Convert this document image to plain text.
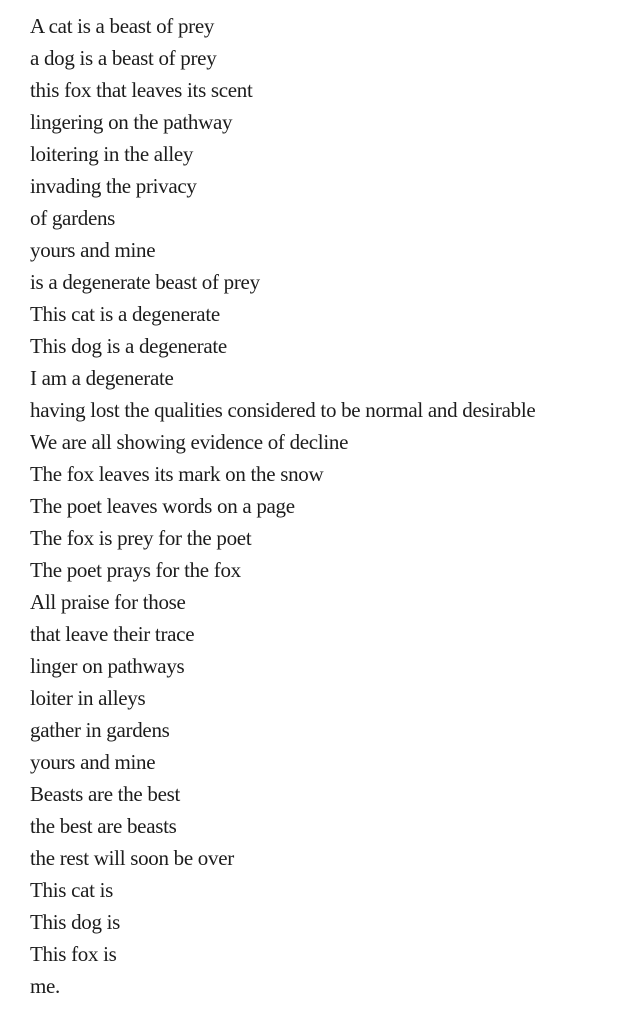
A cat is a beast of prey
a dog is a beast of prey
this fox that leaves its scent
lingering on the pathway
loitering in the alley
invading the privacy
of gardens
yours and mine
is a degenerate beast of prey
This cat is a degenerate
This dog is a degenerate
I am a degenerate
having lost the qualities considered to be normal and desirable
We are all showing evidence of decline
The fox leaves its mark on the snow
The poet leaves words on a page
The fox is prey for the poet
The poet prays for the fox
All praise for those
that leave their trace
linger on pathways
loiter in alleys
gather in gardens
yours and mine
Beasts are the best
the best are beasts
the rest will soon be over
This cat is
This dog is
This fox is
me.
